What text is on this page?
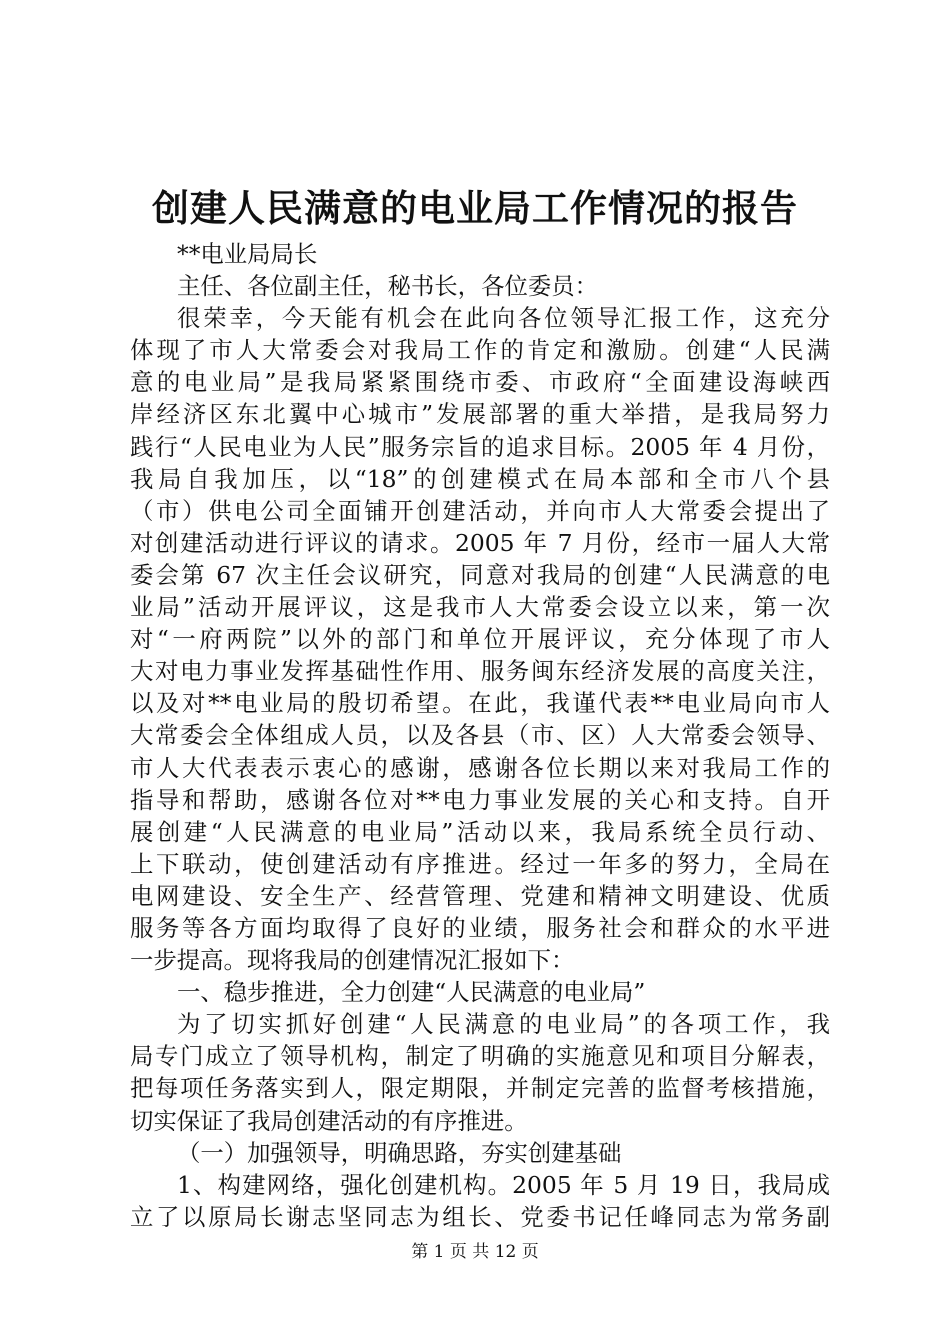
创建人民满意的电业局工作情况的报告
**电业局局长
主任、各位副主任，秘书长，各位委员：
很荣幸，今天能有机会在此向各位领导汇报工作，这充分
体现了市人大常委会对我局工作的肯定和激励。创建“人民满
意的电业局”是我局紧紧围绕市委、市政府“全面建设海峡西
岸经济区东北翼中心城市”发展部署的重大举措，是我局努力
践行“人民电业为人民”服务宗旨的追求目标。2005 年 4 月份，
我局自我加压，以“18”的创建模式在局本部和全市八个县
（市）供电公司全面铺开创建活动，并向市人大常委会提出了
对创建活动进行评议的请求。2005 年 7 月份，经市一届人大常
委会第 67 次主任会议研究，同意对我局的创建“人民满意的电
业局”活动开展评议，这是我市人大常委会设立以来，第一次
对“一府两院”以外的部门和单位开展评议，充分体现了市人
大对电力事业发挥基础性作用、服务闽东经济发展的高度关注，
以及对**电业局的殷切希望。在此，我谨代表**电业局向市人
大常委会全体组成人员，以及各县（市、区）人大常委会领导、
市人大代表表示衷心的感谢，感谢各位长期以来对我局工作的
指导和帮助，感谢各位对**电力事业发展的关心和支持。自开
展创建“人民满意的电业局”活动以来，我局系统全员行动、
上下联动，使创建活动有序推进。经过一年多的努力，全局在
电网建设、安全生产、经营管理、党建和精神文明建设、优质
服务等各方面均取得了良好的业绩，服务社会和群众的水平进
一步提高。现将我局的创建情况汇报如下：
一、稳步推进，全力创建“人民满意的电业局”
为了切实抓好创建“人民满意的电业局”的各项工作，我
局专门成立了领导机构，制定了明确的实施意见和项目分解表，
把每项任务落实到人，限定期限，并制定完善的监督考核措施，
切实保证了我局创建活动的有序推进。
（一）加强领导，明确思路，夯实创建基础
1、构建网络，强化创建机构。2005 年 5 月 19 日，我局成
立了以原局长谢志坚同志为组长、党委书记任峰同志为常务副
第 1 页 共 12 页
